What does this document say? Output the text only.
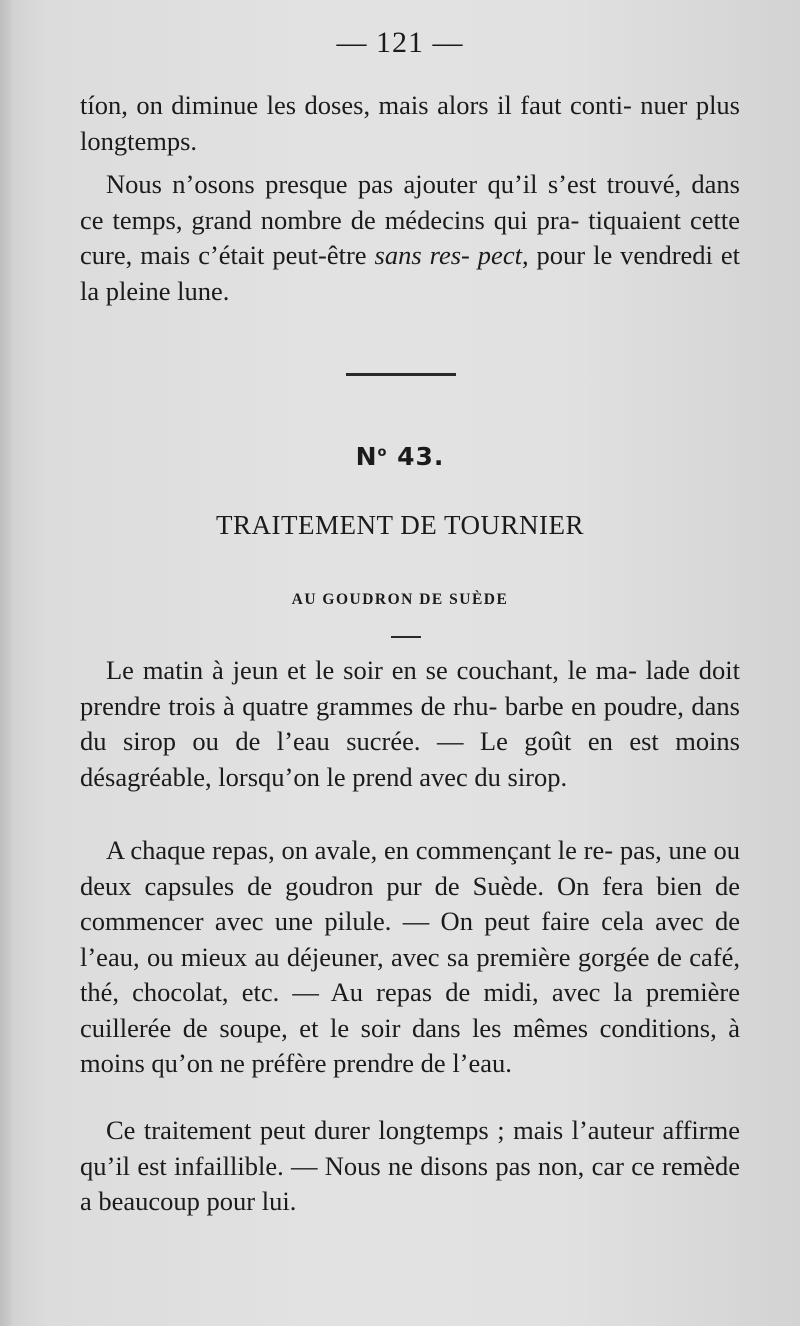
— 121 —

tíon, on diminue les doses, mais alors il faut conti- nuer plus longtemps.

Nous n’osons presque pas ajouter qu’il s’est trouvé, dans ce temps, grand nombre de médecins qui pra- tiquaient cette cure, mais c’était peut-être sans res- pect, pour le vendredi et la pleine lune.

$N^o$ 43.
TRAITEMENT DE TOURNIER
AU GOUDRON DE SUÈDE

Le matin à jeun et le soir en se couchant, le ma- lade doit prendre trois à quatre grammes de rhu- barbe en poudre, dans du sirop ou de l’eau sucrée. — Le goût en est moins désagréable, lorsqu’on le prend avec du sirop.

A chaque repas, on avale, en commençant le re- pas, une ou deux capsules de goudron pur de Suède. On fera bien de commencer avec une pilule. — On peut faire cela avec de l’eau, ou mieux au déjeuner, avec sa première gorgée de café, thé, chocolat, etc. — Au repas de midi, avec la première cuillerée de soupe, et le soir dans les mêmes conditions, à moins qu’on ne préfère prendre de l’eau.

Ce traitement peut durer longtemps ; mais l’auteur affirme qu’il est infaillible. — Nous ne disons pas non, car ce remède a beaucoup pour lui.
